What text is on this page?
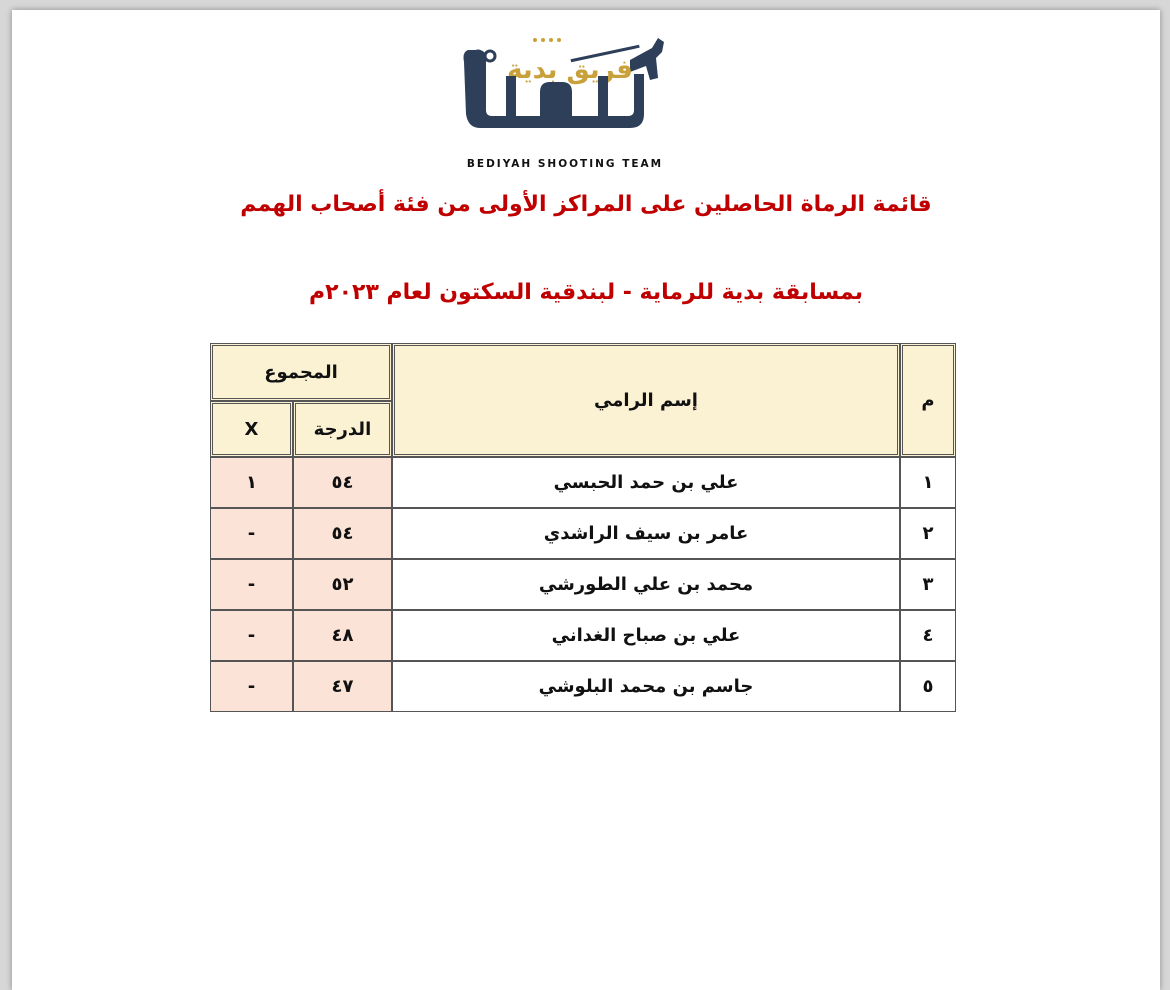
فريق بدية
BEDIYAH SHOOTING TEAM
قائمة الرماة الحاصلين على المراكز الأولى من فئة أصحاب الهمم
بمسابقة بدية للرماية - لبندقية السكتون لعام ٢٠٢٣م
المجموع		إسم الرامي	م
X	الدرجة		
١	٥٤	علي بن حمد الحبسي	١
-	٥٤	عامر بن سيف الراشدي	٢
-	٥٢	محمد بن علي الطورشي	٣
-	٤٨	علي بن صباح الغداني	٤
-	٤٧	جاسم بن محمد البلوشي	٥
